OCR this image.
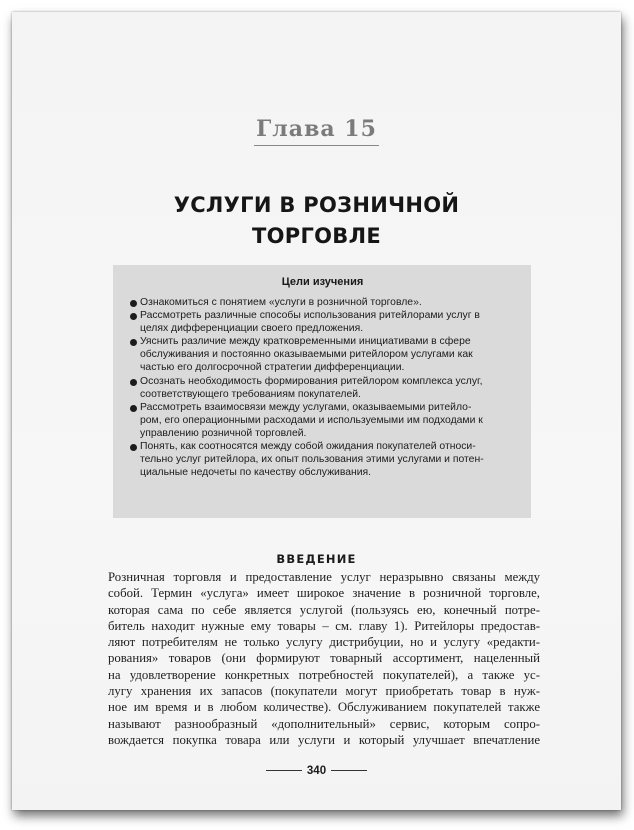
Глава 15
УСЛУГИ В РОЗНИЧНОЙ
ТОРГОВЛЕ
Цели изучения
Ознакомиться с понятием «услуги в розничной торговле».
Рассмотреть различные способы использования ритейлорами услуг в
целях дифференциации своего предложения.
Уяснить различие между кратковременными инициативами в сфере
обслуживания и постоянно оказываемыми ритейлором услугами как
частью его долгосрочной стратегии дифференциации.
Осознать необходимость формирования ритейлором комплекса услуг,
соответствующего требованиям покупателей.
Рассмотреть взаимосвязи между услугами, оказываемыми ритейло-
ром, его операционными расходами и используемыми им подходами к
управлению розничной торговлей.
Понять, как соотносятся между собой ожидания покупателей относи-
тельно услуг ритейлора, их опыт пользования этими услугами и потен-
циальные недочеты по качеству обслуживания.
ВВЕДЕНИЕ
Розничная торговля и предоставление услуг неразрывно связаны между
собой. Термин «услуга» имеет широкое значение в розничной торговле,
которая сама по себе является услугой (пользуясь ею, конечный потре-
битель находит нужные ему товары – см. главу 1). Ритейлоры предостав-
ляют потребителям не только услугу дистрибуции, но и услугу «редакти-
рования» товаров (они формируют товарный ассортимент, нацеленный
на удовлетворение конкретных потребностей покупателей), а также ус-
лугу хранения их запасов (покупатели могут приобретать товар в нуж-
ное им время и в любом количестве). Обслуживанием покупателей также
называют разнообразный «дополнительный» сервис, которым сопро-
вождается покупка товара или услуги и который улучшает впечатление
340
